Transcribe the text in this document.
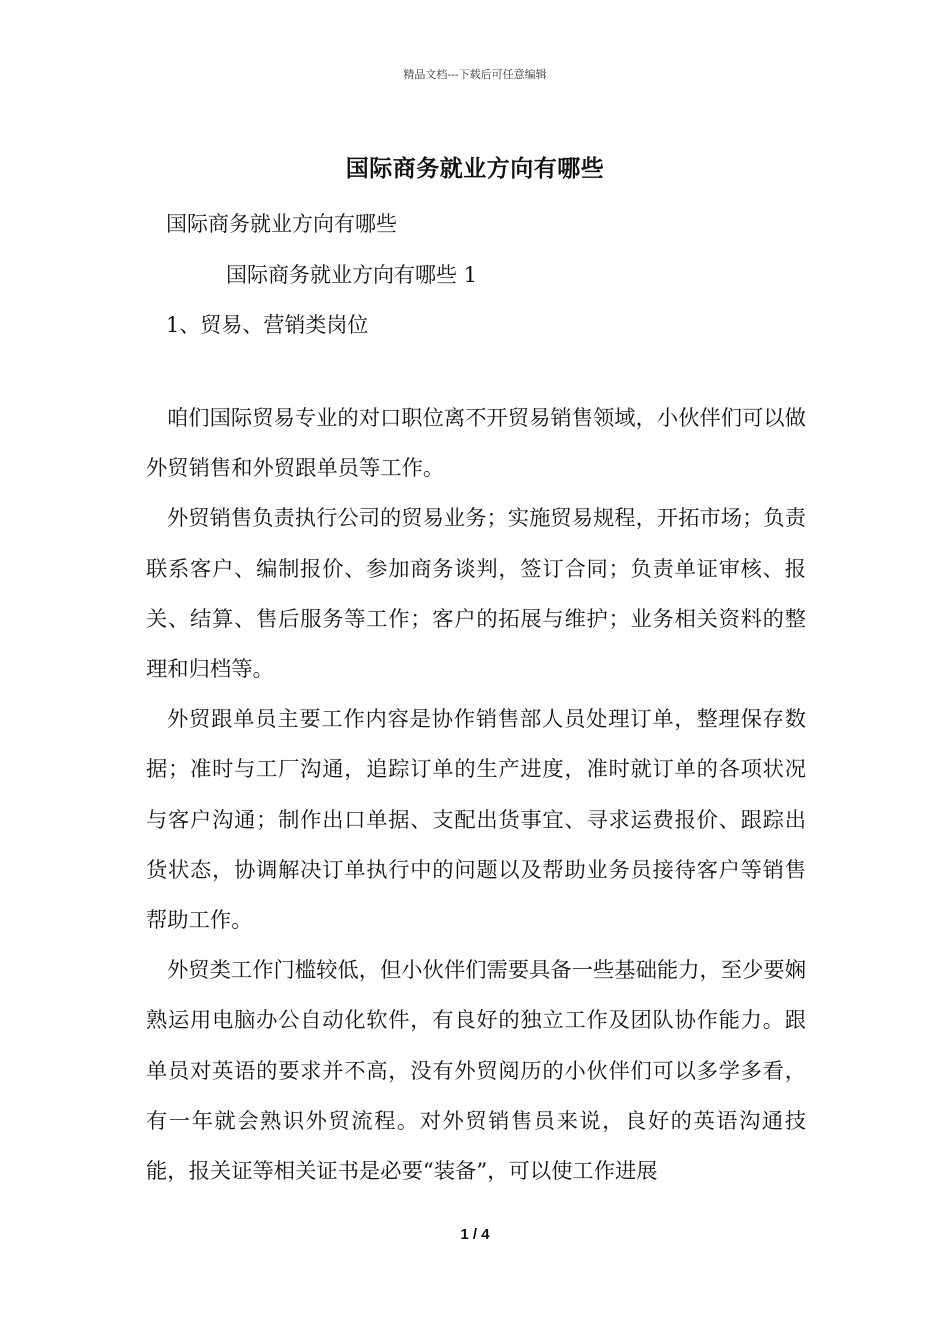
精品文档---下载后可任意编辑
国际商务就业方向有哪些
国际商务就业方向有哪些
国际商务就业方向有哪些 1
1、贸易、营销类岗位

咱们国际贸易专业的对口职位离不开贸易销售领域，小伙伴们可以做外贸销售和外贸跟单员等工作。

外贸销售负责执行公司的贸易业务；实施贸易规程，开拓市场；负责联系客户、编制报价、参加商务谈判，签订合同；负责单证审核、报关、结算、售后服务等工作；客户的拓展与维护；业务相关资料的整理和归档等。

外贸跟单员主要工作内容是协作销售部人员处理订单，整理保存数据；准时与工厂沟通，追踪订单的生产进度，准时就订单的各项状况与客户沟通；制作出口单据、支配出货事宜、寻求运费报价、跟踪出货状态，协调解决订单执行中的问题以及帮助业务员接待客户等销售帮助工作。

外贸类工作门槛较低，但小伙伴们需要具备一些基础能力，至少要娴熟运用电脑办公自动化软件，有良好的独立工作及团队协作能力。跟单员对英语的要求并不高，没有外贸阅历的小伙伴们可以多学多看，有一年就会熟识外贸流程。对外贸销售员来说，良好的英语沟通技能，报关证等相关证书是必要“装备”，可以使工作进展

1 / 4
